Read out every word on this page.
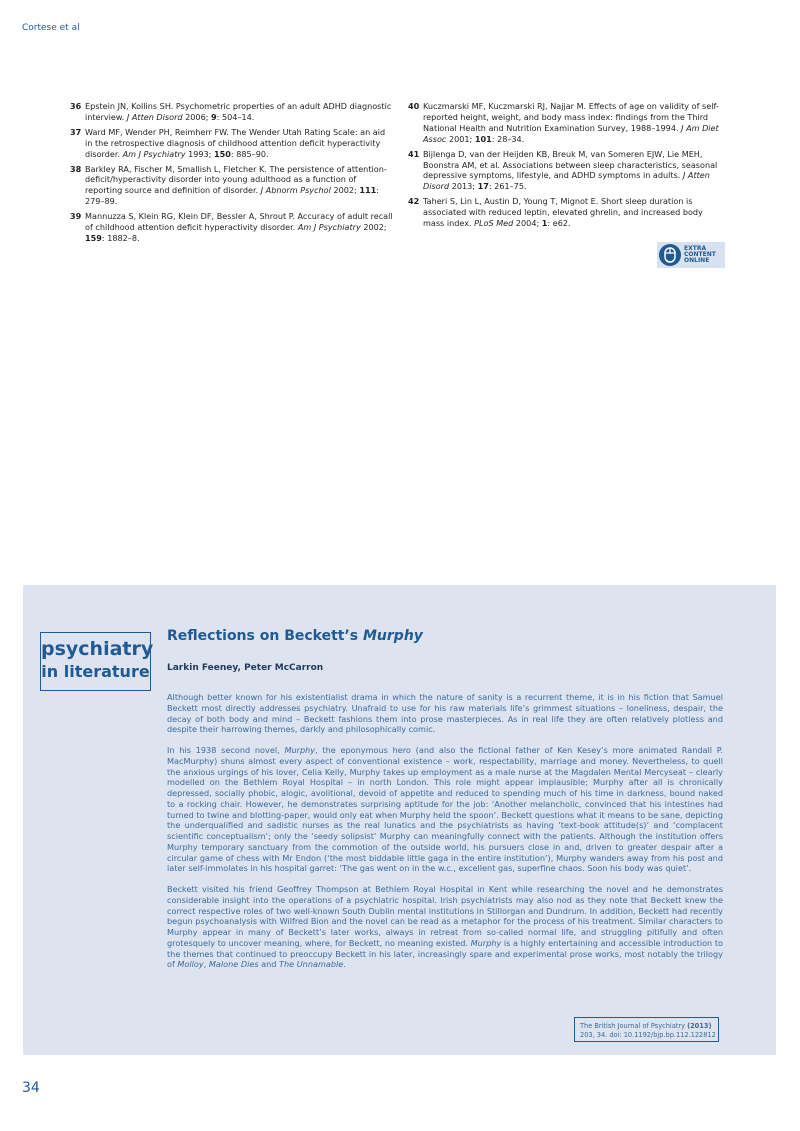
Cortese et al
36 Epstein JN, Kollins SH. Psychometric properties of an adult ADHD diagnostic interview. J Atten Disord 2006; 9: 504–14.
37 Ward MF, Wender PH, Reimherr FW. The Wender Utah Rating Scale: an aid in the retrospective diagnosis of childhood attention deficit hyperactivity disorder. Am J Psychiatry 1993; 150: 885–90.
38 Barkley RA, Fischer M, Smallish L, Fletcher K. The persistence of attention-deficit/hyperactivity disorder into young adulthood as a function of reporting source and definition of disorder. J Abnorm Psychol 2002; 111: 279–89.
39 Mannuzza S, Klein RG, Klein DF, Bessler A, Shrout P. Accuracy of adult recall of childhood attention deficit hyperactivity disorder. Am J Psychiatry 2002; 159: 1882–8.
40 Kuczmarski MF, Kuczmarski RJ, Najjar M. Effects of age on validity of self-reported height, weight, and body mass index: findings from the Third National Health and Nutrition Examination Survey, 1988–1994. J Am Diet Assoc 2001; 101: 28–34.
41 Bijlenga D, van der Heijden KB, Breuk M, van Someren EJW, Lie MEH, Boonstra AM, et al. Associations between sleep characteristics, seasonal depressive symptoms, lifestyle, and ADHD symptoms in adults. J Atten Disord 2013; 17: 261–75.
42 Taheri S, Lin L, Austin D, Young T, Mignot E. Short sleep duration is associated with reduced leptin, elevated ghrelin, and increased body mass index. PLoS Med 2004; 1: e62.
EXTRA
CONTENT
ONLINE
psychiatry
in literature
Reflections on Beckett’s Murphy
Larkin Feeney, Peter McCarron

Although better known for his existentialist drama in which the nature of sanity is a recurrent theme, it is in his fiction that Samuel Beckett most directly addresses psychiatry. Unafraid to use for his raw materials life’s grimmest situations – loneliness, despair, the decay of both body and mind – Beckett fashions them into prose masterpieces. As in real life they are often relatively plotless and despite their harrowing themes, darkly and philosophically comic.

In his 1938 second novel, Murphy, the eponymous hero (and also the fictional father of Ken Kesey’s more animated Randall P. MacMurphy) shuns almost every aspect of conventional existence – work, respectability, marriage and money. Nevertheless, to quell the anxious urgings of his lover, Celia Kelly, Murphy takes up employment as a male nurse at the Magdalen Mental Mercyseat – clearly modelled on the Bethlem Royal Hospital – in north London. This role might appear implausible; Murphy after all is chronically depressed, socially phobic, alogic, avolitional, devoid of appetite and reduced to spending much of his time in darkness, bound naked to a rocking chair. However, he demonstrates surprising aptitude for the job: ‘Another melancholic, convinced that his intestines had turned to twine and blotting-paper, would only eat when Murphy held the spoon’. Beckett questions what it means to be sane, depicting the underqualified and sadistic nurses as the real lunatics and the psychiatrists as having ‘text-book attitude(s)’ and ‘complacent scientific conceptualism’; only the ‘seedy solipsist’ Murphy can meaningfully connect with the patients. Although the institution offers Murphy temporary sanctuary from the commotion of the outside world, his pursuers close in and, driven to greater despair after a circular game of chess with Mr Endon (‘the most biddable little gaga in the entire institution’), Murphy wanders away from his post and later self-immolates in his hospital garret: ‘The gas went on in the w.c., excellent gas, superfine chaos. Soon his body was quiet’.

Beckett visited his friend Geoffrey Thompson at Bethlem Royal Hospital in Kent while researching the novel and he demonstrates considerable insight into the operations of a psychiatric hospital. Irish psychiatrists may also nod as they note that Beckett knew the correct respective roles of two well-known South Dublin mental institutions in Stillorgan and Dundrum. In addition, Beckett had recently begun psychoanalysis with Wilfred Bion and the novel can be read as a metaphor for the process of his treatment. Similar characters to Murphy appear in many of Beckett’s later works, always in retreat from so-called normal life, and struggling pitifully and often grotesquely to uncover meaning, where, for Beckett, no meaning existed. Murphy is a highly entertaining and accessible introduction to the themes that continued to preoccupy Beckett in his later, increasingly spare and experimental prose works, most notably the trilogy of Molloy, Malone Dies and The Unnamable.

The British Journal of Psychiatry (2013)
203, 34. doi: 10.1192/bjp.bp.112.122812
34
